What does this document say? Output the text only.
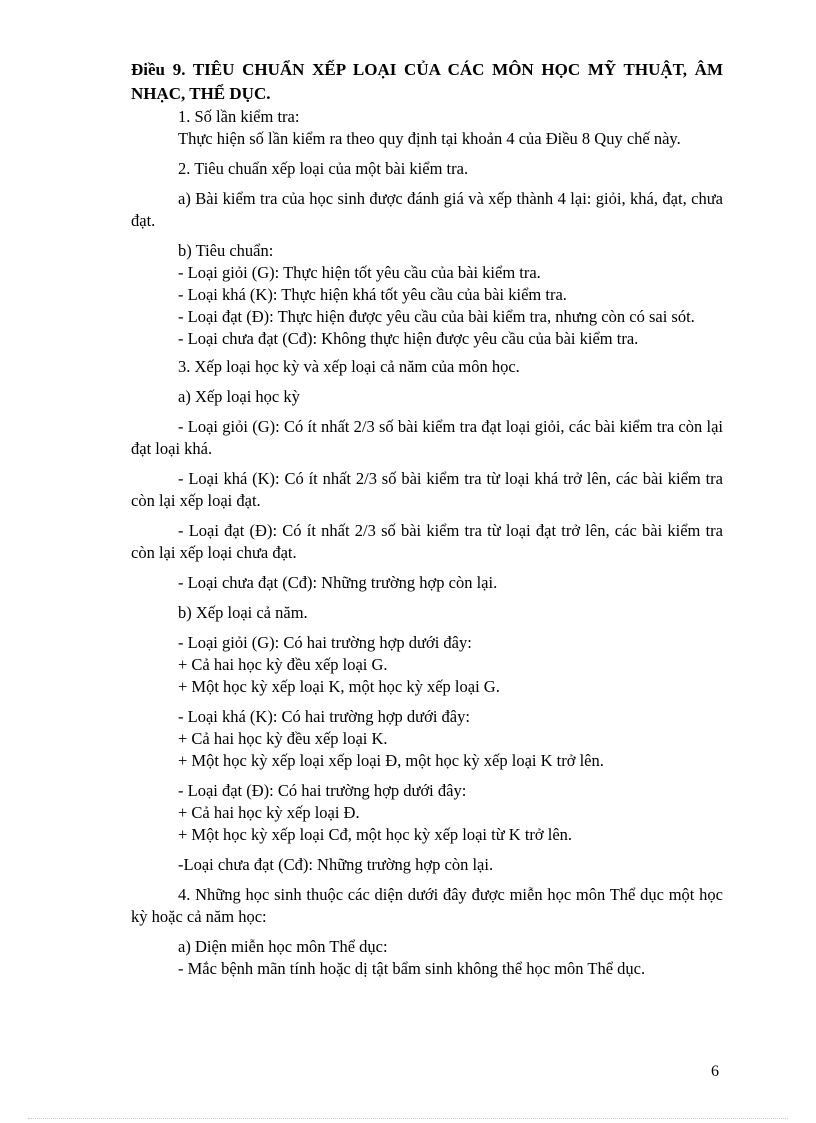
Điều 9. TIÊU CHUẨN XẾP LOẠI CỦA CÁC MÔN HỌC MỸ THUẬT, ÂM NHẠC, THỂ DỤC.

1. Số lần kiểm tra:

Thực hiện số lần kiểm ra theo quy định tại khoản 4 của Điều 8 Quy chế này.

2. Tiêu chuẩn xếp loại của một bài kiểm tra.

a) Bài kiểm tra của học sinh được đánh giá và xếp thành 4 lại: giỏi, khá, đạt, chưa đạt.

b) Tiêu chuẩn:

- Loại giỏi (G): Thực hiện tốt yêu cầu của bài kiểm tra.

- Loại khá (K): Thực hiện khá tốt yêu cầu của bài kiểm tra.

- Loại đạt (Đ): Thực hiện được yêu cầu của bài kiểm tra, nhưng còn có sai sót.

- Loại chưa đạt (Cđ): Không thực hiện được yêu cầu của bài kiểm tra.

3. Xếp loại học kỳ và xếp loại cả năm của môn học.

a) Xếp loại học kỳ

- Loại giỏi (G): Có ít nhất 2/3 số bài kiểm tra đạt loại giỏi, các bài kiểm tra còn lại đạt loại khá.

- Loại khá (K): Có ít nhất 2/3 số bài kiểm tra từ loại khá trở lên, các bài kiểm tra còn lại xếp loại đạt.

- Loại đạt (Đ): Có ít nhất 2/3 số bài kiểm tra từ loại đạt trở lên, các bài kiểm tra còn lại xếp loại chưa đạt.

- Loại chưa đạt (Cđ): Những trường hợp còn lại.

b) Xếp loại cả năm.

- Loại giỏi (G): Có hai trường hợp dưới đây:

+ Cả hai học kỳ đều xếp loại G.

+ Một học kỳ xếp loại K, một học kỳ xếp loại G.

- Loại khá (K): Có hai trường hợp dưới đây:

+ Cả hai học kỳ đều xếp loại K.

+ Một học kỳ xếp loại xếp loại Đ, một học kỳ xếp loại K trở lên.

- Loại đạt (Đ): Có hai trường hợp dưới đây:

+ Cả hai học kỳ xếp loại Đ.

+ Một học kỳ xếp loại Cđ, một học kỳ xếp loại từ K trở lên.

-Loại chưa đạt (Cđ): Những trường hợp còn lại.

4. Những học sinh thuộc các diện dưới đây được miễn học môn Thể dục một học kỳ hoặc cả năm học:

a) Diện miễn học môn Thể dục:

- Mắc bệnh mãn tính hoặc dị tật bẩm sinh không thể học môn Thể dục.

6
